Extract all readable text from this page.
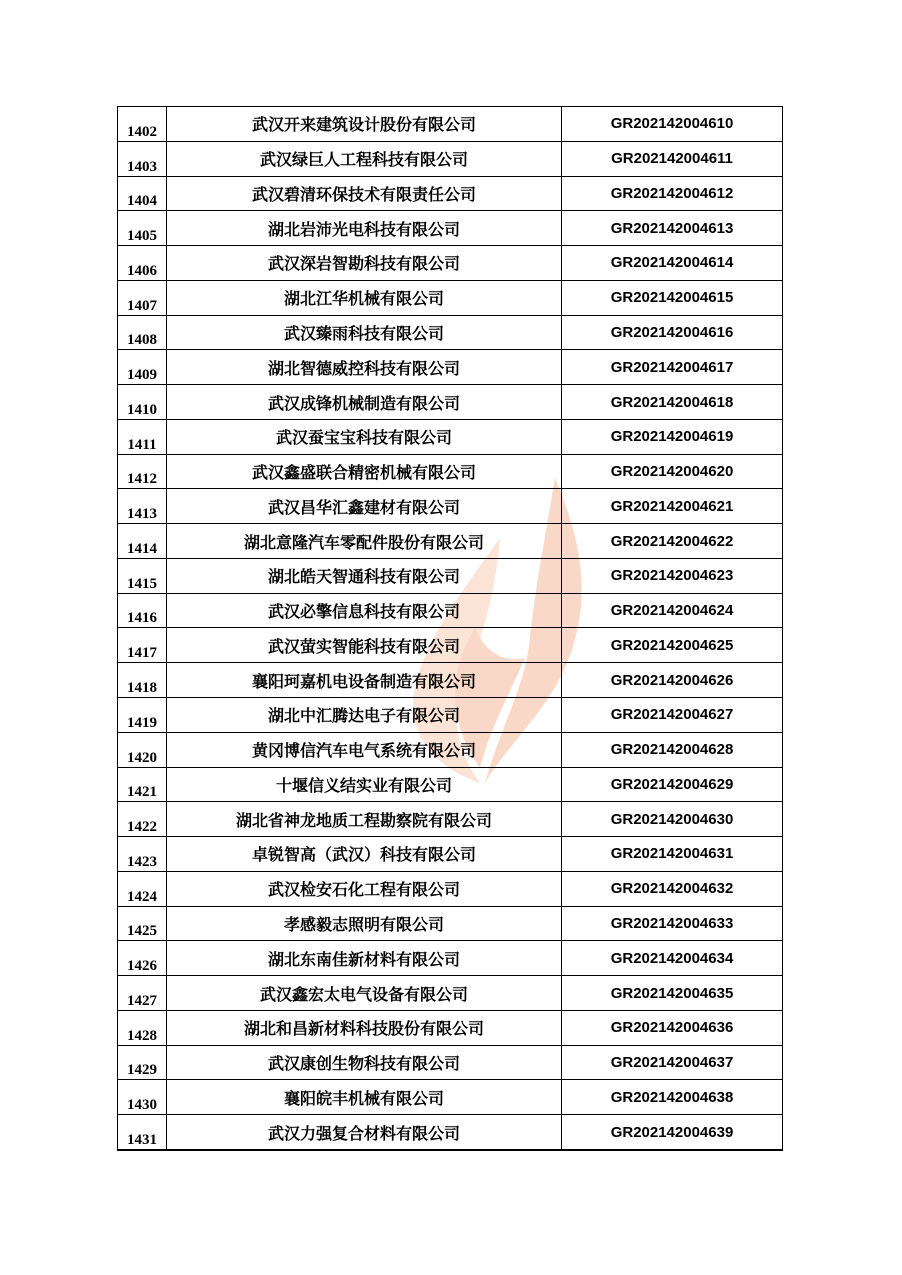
1402	武汉开来建筑设计股份有限公司	GR202142004610
1403	武汉绿巨人工程科技有限公司	GR202142004611
1404	武汉碧清环保技术有限责任公司	GR202142004612
1405	湖北岩沛光电科技有限公司	GR202142004613
1406	武汉深岩智勘科技有限公司	GR202142004614
1407	湖北江华机械有限公司	GR202142004615
1408	武汉臻雨科技有限公司	GR202142004616
1409	湖北智德威控科技有限公司	GR202142004617
1410	武汉成锋机械制造有限公司	GR202142004618
1411	武汉蚕宝宝科技有限公司	GR202142004619
1412	武汉鑫盛联合精密机械有限公司	GR202142004620
1413	武汉昌华汇鑫建材有限公司	GR202142004621
1414	湖北意隆汽车零配件股份有限公司	GR202142004622
1415	湖北皓天智通科技有限公司	GR202142004623
1416	武汉必擎信息科技有限公司	GR202142004624
1417	武汉萤实智能科技有限公司	GR202142004625
1418	襄阳珂嘉机电设备制造有限公司	GR202142004626
1419	湖北中汇腾达电子有限公司	GR202142004627
1420	黄冈博信汽车电气系统有限公司	GR202142004628
1421	十堰信义结实业有限公司	GR202142004629
1422	湖北省神龙地质工程勘察院有限公司	GR202142004630
1423	卓锐智高（武汉）科技有限公司	GR202142004631
1424	武汉检安石化工程有限公司	GR202142004632
1425	孝感毅志照明有限公司	GR202142004633
1426	湖北东南佳新材料有限公司	GR202142004634
1427	武汉鑫宏太电气设备有限公司	GR202142004635
1428	湖北和昌新材料科技股份有限公司	GR202142004636
1429	武汉康创生物科技有限公司	GR202142004637
1430	襄阳皖丰机械有限公司	GR202142004638
1431	武汉力强复合材料有限公司	GR202142004639
